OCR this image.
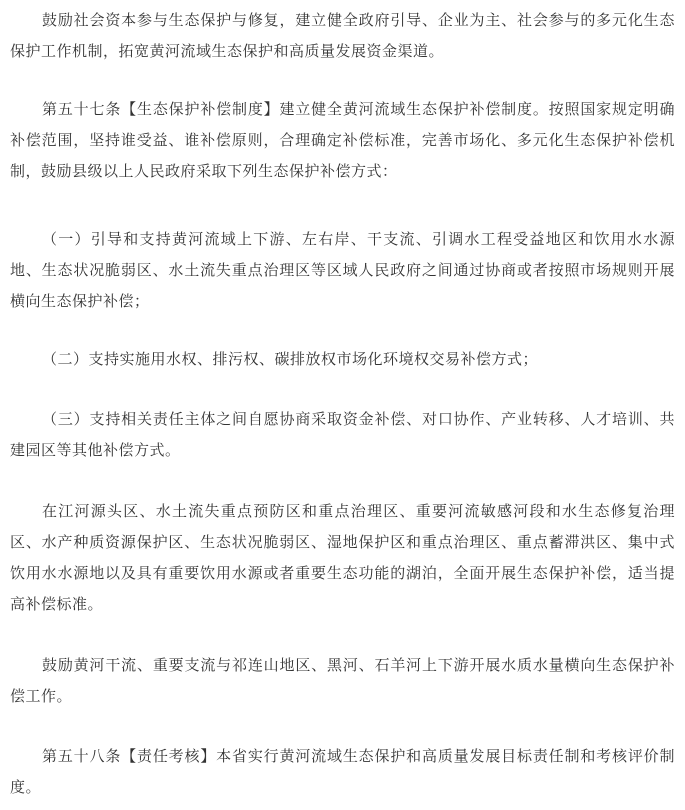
鼓励社会资本参与生态保护与修复，建立健全政府引导、企业为主、社会参与的多元化生态保护工作机制，拓宽黄河流域生态保护和高质量发展资金渠道。

第五十七条【生态保护补偿制度】建立健全黄河流域生态保护补偿制度。按照国家规定明确补偿范围，坚持谁受益、谁补偿原则，合理确定补偿标准，完善市场化、多元化生态保护补偿机制，鼓励县级以上人民政府采取下列生态保护补偿方式：

（一）引导和支持黄河流域上下游、左右岸、干支流、引调水工程受益地区和饮用水水源地、生态状况脆弱区、水土流失重点治理区等区域人民政府之间通过协商或者按照市场规则开展横向生态保护补偿；

（二）支持实施用水权、排污权、碳排放权市场化环境权交易补偿方式；

（三）支持相关责任主体之间自愿协商采取资金补偿、对口协作、产业转移、人才培训、共建园区等其他补偿方式。

在江河源头区、水土流失重点预防区和重点治理区、重要河流敏感河段和水生态修复治理区、水产种质资源保护区、生态状况脆弱区、湿地保护区和重点治理区、重点蓄滞洪区、集中式饮用水水源地以及具有重要饮用水源或者重要生态功能的湖泊，全面开展生态保护补偿，适当提高补偿标准。

鼓励黄河干流、重要支流与祁连山地区、黑河、石羊河上下游开展水质水量横向生态保护补偿工作。

第五十八条【责任考核】本省实行黄河流域生态保护和高质量发展目标责任制和考核评价制度。
